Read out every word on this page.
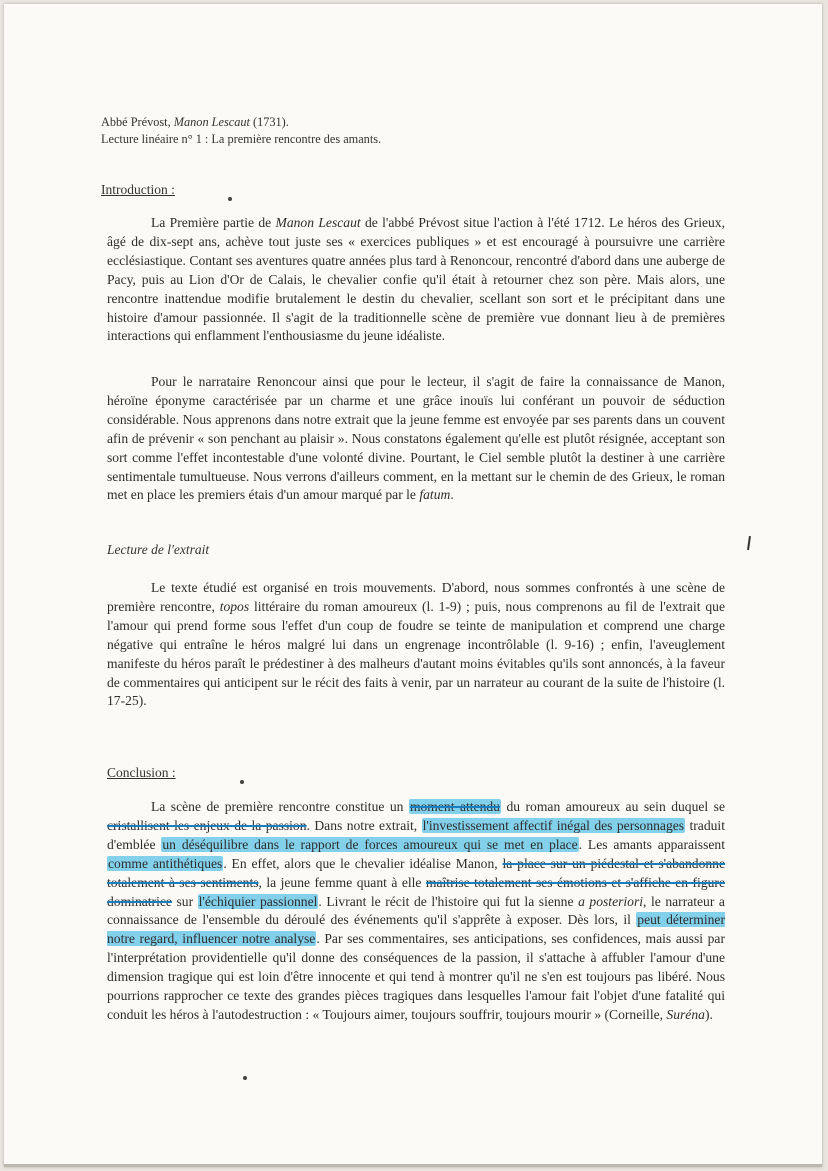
Abbé Prévost, Manon Lescaut (1731).
Lecture linéaire n° 1 : La première rencontre des amants.
Introduction :

La Première partie de Manon Lescaut de l'abbé Prévost situe l'action à l'été 1712. Le héros des Grieux, âgé de dix-sept ans, achève tout juste ses « exercices publiques » et est encouragé à poursuivre une carrière ecclésiastique. Contant ses aventures quatre années plus tard à Renoncour, rencontré d'abord dans une auberge de Pacy, puis au Lion d'Or de Calais, le chevalier confie qu'il était à retourner chez son père. Mais alors, une rencontre inattendue modifie brutalement le destin du chevalier, scellant son sort et le précipitant dans une histoire d'amour passionnée. Il s'agit de la traditionnelle scène de première vue donnant lieu à de premières interactions qui enflamment l'enthousiasme du jeune idéaliste.

Pour le narrataire Renoncour ainsi que pour le lecteur, il s'agit de faire la connaissance de Manon, héroïne éponyme caractérisée par un charme et une grâce inouïs lui conférant un pouvoir de séduction considérable. Nous apprenons dans notre extrait que la jeune femme est envoyée par ses parents dans un couvent afin de prévenir « son penchant au plaisir ». Nous constatons également qu'elle est plutôt résignée, acceptant son sort comme l'effet incontestable d'une volonté divine. Pourtant, le Ciel semble plutôt la destiner à une carrière sentimentale tumultueuse. Nous verrons d'ailleurs comment, en la mettant sur le chemin de des Grieux, le roman met en place les premiers étais d'un amour marqué par le fatum.

Lecture de l'extrait

Le texte étudié est organisé en trois mouvements. D'abord, nous sommes confrontés à une scène de première rencontre, topos littéraire du roman amoureux (l. 1-9) ; puis, nous comprenons au fil de l'extrait que l'amour qui prend forme sous l'effet d'un coup de foudre se teinte de manipulation et comprend une charge négative qui entraîne le héros malgré lui dans un engrenage incontrôlable (l. 9-16) ; enfin, l'aveuglement manifeste du héros paraît le prédestiner à des malheurs d'autant moins évitables qu'ils sont annoncés, à la faveur de commentaires qui anticipent sur le récit des faits à venir, par un narrateur au courant de la suite de l'histoire (l. 17-25).

Conclusion :

La scène de première rencontre constitue un moment attendu du roman amoureux au sein duquel se cristallisent les enjeux de la passion. Dans notre extrait, l'investissement affectif inégal des personnages traduit d'emblée un déséquilibre dans le rapport de forces amoureux qui se met en place. Les amants apparaissent comme antithétiques. En effet, alors que le chevalier idéalise Manon, la place sur un piédestal et s'abandonne totalement à ses sentiments, la jeune femme quant à elle maîtrise totalement ses émotions et s'affiche en figure dominatrice sur l'échiquier passionnel. Livrant le récit de l'histoire qui fut la sienne a posteriori, le narrateur a connaissance de l'ensemble du déroulé des événements qu'il s'apprête à exposer. Dès lors, il peut déterminer notre regard, influencer notre analyse. Par ses commentaires, ses anticipations, ses confidences, mais aussi par l'interprétation providentielle qu'il donne des conséquences de la passion, il s'attache à affubler l'amour d'une dimension tragique qui est loin d'être innocente et qui tend à montrer qu'il ne s'en est toujours pas libéré. Nous pourrions rapprocher ce texte des grandes pièces tragiques dans lesquelles l'amour fait l'objet d'une fatalité qui conduit les héros à l'autodestruction : « Toujours aimer, toujours souffrir, toujours mourir » (Corneille, Suréna).
